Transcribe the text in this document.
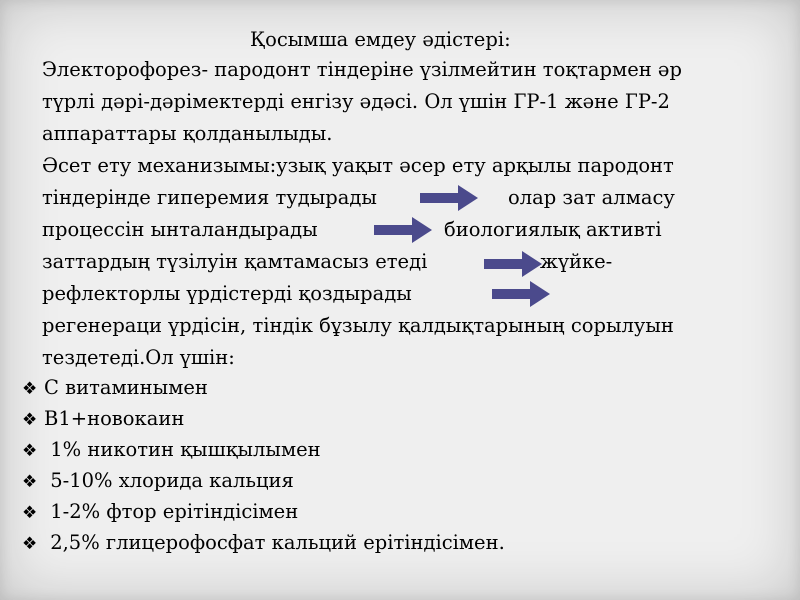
Қосымша емдеу әдістері:
Электорофорез- пародонт тіндеріне үзілмейтин тоқтармен әр
түрлі дәрі-дәрімектерді енгізу әдәсі. Ол үшін ГР-1 және ГР-2
аппараттары қолданылыды.
Әсет ету механизымы:узық уақыт әсер ету арқылы пародонт
тіндерінде гиперемия тудырады	олар зат алмасу
процессін ынталандырады	биологиялық активті
заттардың түзілуін қамтамасыз етеді	жүйке-
рефлекторлы үрдістерді қоздырады
регенераци үрдісін, тіндік бұзылу қалдықтарының сорылуын
тездетеді.Ол үшін:
❖ С витаминымен
❖ В1+новокаин
❖ 1% никотин қышқылымен
❖ 5-10% хлорида кальция
❖ 1-2% фтор ерітіндісімен
❖ 2,5% глицерофосфат кальций ерітіндісімен.
